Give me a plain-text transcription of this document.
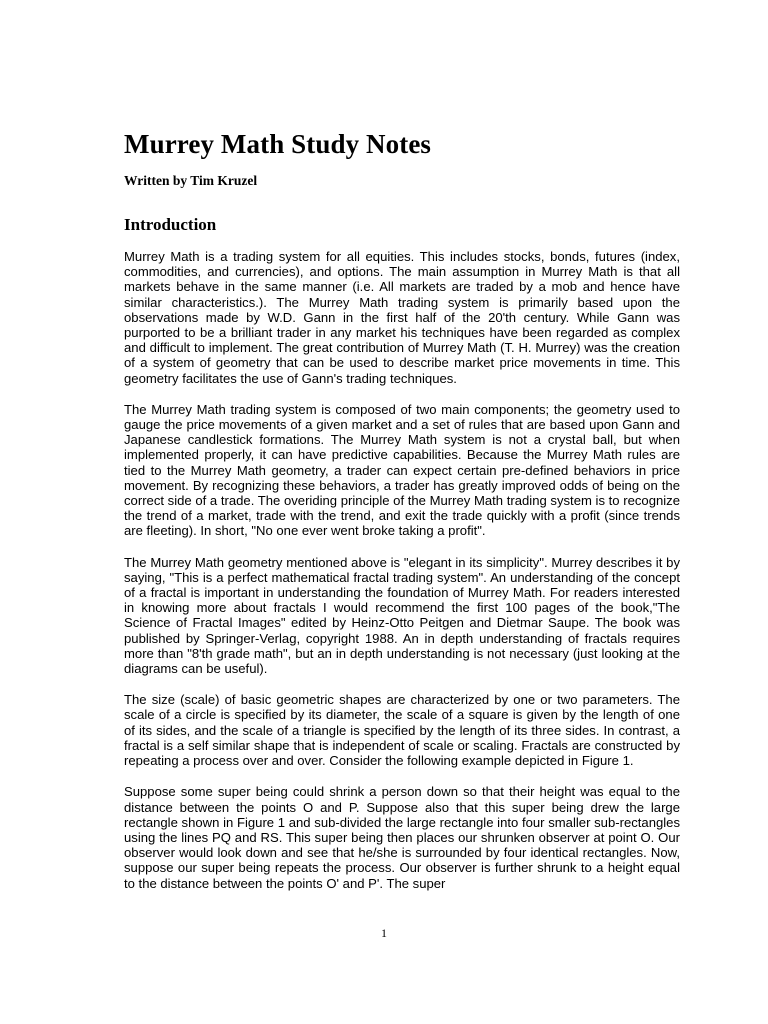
Murrey Math Study Notes
Written by Tim Kruzel
Introduction

Murrey Math is a trading system for all equities. This includes stocks, bonds, futures (index, commodities, and currencies), and options. The main assumption in Murrey Math is that all markets behave in the same manner (i.e. All markets are traded by a mob and hence have similar characteristics.). The Murrey Math trading system is primarily based upon the observations made by W.D. Gann in the first half of the 20'th century. While Gann was purported to be a brilliant trader in any market his techniques have been regarded as complex and difficult to implement. The great contribution of Murrey Math (T. H. Murrey) was the creation of a system of geometry that can be used to describe market price movements in time. This geometry facilitates the use of Gann's trading techniques.

The Murrey Math trading system is composed of two main components; the geometry used to gauge the price movements of a given market and a set of rules that are based upon Gann and Japanese candlestick formations. The Murrey Math system is not a crystal ball, but when implemented properly, it can have predictive capabilities. Because the Murrey Math rules are tied to the Murrey Math geometry, a trader can expect certain pre-defined behaviors in price movement. By recognizing these behaviors, a trader has greatly improved odds of being on the correct side of a trade. The overiding principle of the Murrey Math trading system is to recognize the trend of a market, trade with the trend, and exit the trade quickly with a profit (since trends are fleeting). In short, "No one ever went broke taking a profit".

The Murrey Math geometry mentioned above is "elegant in its simplicity". Murrey describes it by saying, "This is a perfect mathematical fractal trading system". An understanding of the concept of a fractal is important in understanding the foundation of Murrey Math. For readers interested in knowing more about fractals I would recommend the first 100 pages of the book,"The Science of Fractal Images" edited by Heinz-Otto Peitgen and Dietmar Saupe. The book was published by Springer-Verlag, copyright 1988. An in depth understanding of fractals requires more than "8'th grade math", but an in depth understanding is not necessary (just looking at the diagrams can be useful).

The size (scale) of basic geometric shapes are characterized by one or two parameters. The scale of a circle is specified by its diameter, the scale of a square is given by the length of one of its sides, and the scale of a triangle is specified by the length of its three sides. In contrast, a fractal is a self similar shape that is independent of scale or scaling. Fractals are constructed by repeating a process over and over. Consider the following example depicted in Figure 1.

Suppose some super being could shrink a person down so that their height was equal to the distance between the points O and P. Suppose also that this super being drew the large rectangle shown in Figure 1 and sub-divided the large rectangle into four smaller sub-rectangles using the lines PQ and RS. This super being then places our shrunken observer at point O. Our observer would look down and see that he/she is surrounded by four identical rectangles. Now, suppose our super being repeats the process. Our observer is further shrunk to a height equal to the distance between the points O' and P'. The super

1
